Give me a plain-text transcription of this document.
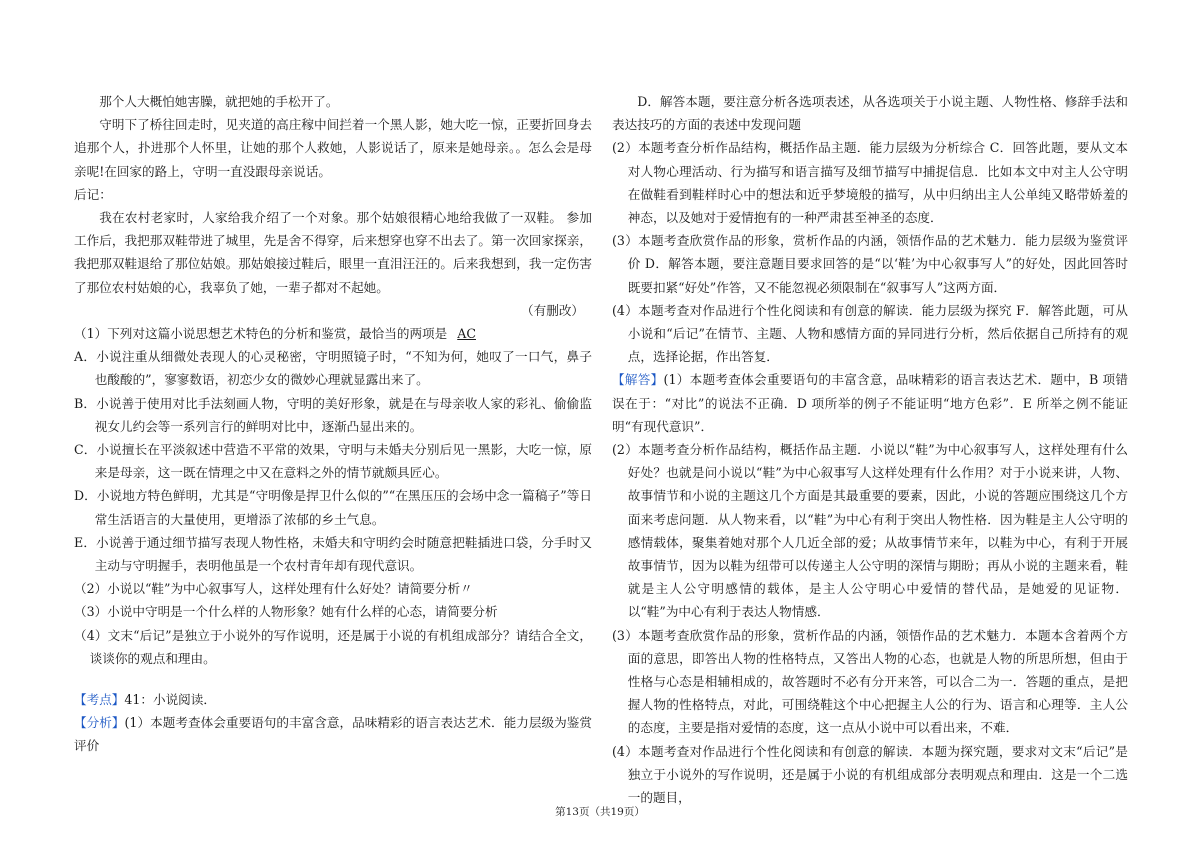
那个人大概怕她害臊，就把她的手松开了。

守明下了桥往回走时，见夹道的高庄稼中间拦着一个黑人影，她大吃一惊，正要折回身去追那个人，扑进那个人怀里，让她的那个人救她，人影说话了，原来是她母亲。。怎么会是母亲呢!在回家的路上，守明一直没跟母亲说话。

后记：

我在农村老家时，人家给我介绍了一个对象。那个姑娘很精心地给我做了一双鞋。 参加工作后，我把那双鞋带进了城里，先是舍不得穿，后来想穿也穿不出去了。第一次回家探亲，我把那双鞋退给了那位姑娘。那姑娘接过鞋后，眼里一直泪汪汪的。后来我想到，我一定伤害了那位农村姑娘的心，我辜负了她，一辈子都对不起她。

（有删改）

（1）下列对这篇小说思想艺术特色的分析和鉴赏，最恰当的两项是 AC

A．小说注重从细微处表现人的心灵秘密，守明照镜子时，“不知为何，她叹了一口气，鼻子也酸酸的”，寥寥数语，初恋少女的微妙心理就显露出来了。

B．小说善于使用对比手法刻画人物，守明的美好形象，就是在与母亲收人家的彩礼、偷偷监视女儿约会等一系列言行的鲜明对比中，逐渐凸显出来的。

C．小说擅长在平淡叙述中营造不平常的效果，守明与未婚夫分别后见一黑影，大吃一惊，原来是母亲，这一既在情理之中又在意料之外的情节就颇具匠心。

D．小说地方特色鲜明，尤其是“守明像是捍卫什么似的”“在黑压压的会场中念一篇稿子”等日常生活语言的大量使用，更增添了浓郁的乡土气息。

E．小说善于通过细节描写表现人物性格，未婚夫和守明约会时随意把鞋插进口袋，分手时又主动与守明握手，表明他虽是一个农村青年却有现代意识。

（2）小说以“鞋”为中心叙事写人，这样处理有什么好处？请简要分析〃

（3）小说中守明是一个什么样的人物形象？她有什么样的心态，请简要分析

（4）文末“后记”是独立于小说外的写作说明，还是属于小说的有机组成部分？请结合全文，谈谈你的观点和理由。

【考点】41：小说阅读．

【分析】(1）本题考查体会重要语句的丰富含意，品味精彩的语言表达艺术．能力层级为鉴赏评价

D．解答本题，要注意分析各选项表述，从各选项关于小说主题、人物性格、修辞手法和表达技巧的方面的表述中发现问题

(2）本题考查分析作品结构，概括作品主题．能力层级为分析综合 C．回答此题，要从文本对人物心理活动、行为描写和语言描写及细节描写中捕捉信息．比如本文中对主人公守明在做鞋看到鞋样时心中的想法和近乎梦境般的描写，从中归纳出主人公单纯又略带娇羞的神态，以及她对于爱情抱有的一种严肃甚至神圣的态度．

(3）本题考查欣赏作品的形象，赏析作品的内涵，领悟作品的艺术魅力．能力层级为鉴赏评价 D．解答本题，要注意题目要求回答的是“以‘鞋’为中心叙事写人”的好处，因此回答时既要扣紧“好处”作答，又不能忽视必须限制在“叙事写人”这两方面．

(4）本题考查对作品进行个性化阅读和有创意的解读．能力层级为探究 F．解答此题，可从小说和“后记”在情节、主题、人物和感情方面的异同进行分析，然后依据自己所持有的观点，选择论据，作出答复．

【解答】(1）本题考查体会重要语句的丰富含意，品味精彩的语言表达艺术．题中，B 项错误在于：“对比”的说法不正确．D 项所举的例子不能证明“地方色彩”．E 所举之例不能证明“有现代意识”．

(2）本题考查分析作品结构，概括作品主题．小说以“鞋”为中心叙事写人，这样处理有什么好处？也就是问小说以“鞋”为中心叙事写人这样处理有什么作用？对于小说来讲，人物、故事情节和小说的主题这几个方面是其最重要的要素，因此，小说的答题应围绕这几个方面来考虑问题．从人物来看，以“鞋”为中心有利于突出人物性格．因为鞋是主人公守明的感情载体，聚集着她对那个人几近全部的爱；从故事情节来年，以鞋为中心，有利于开展故事情节，因为以鞋为纽带可以传递主人公守明的深情与期盼；再从小说的主题来看，鞋就是主人公守明感情的载体，是主人公守明心中爱情的替代品，是她爱的见证物．以“鞋”为中心有利于表达人物情感．

(3）本题考查欣赏作品的形象，赏析作品的内涵，领悟作品的艺术魅力．本题本含着两个方面的意思，即答出人物的性格特点，又答出人物的心态，也就是人物的所思所想，但由于性格与心态是相辅相成的，故答题时不必有分开来答，可以合二为一．答题的重点，是把握人物的性格特点，对此，可围绕鞋这个中心把握主人公的行为、语言和心理等．主人公的态度，主要是指对爱情的态度，这一点从小说中可以看出来，不难．

(4）本题考查对作品进行个性化阅读和有创意的解读．本题为探究题，要求对文末“后记”是独立于小说外的写作说明，还是属于小说的有机组成部分表明观点和理由．这是一个二选一的题目，

第13页（共19页）
